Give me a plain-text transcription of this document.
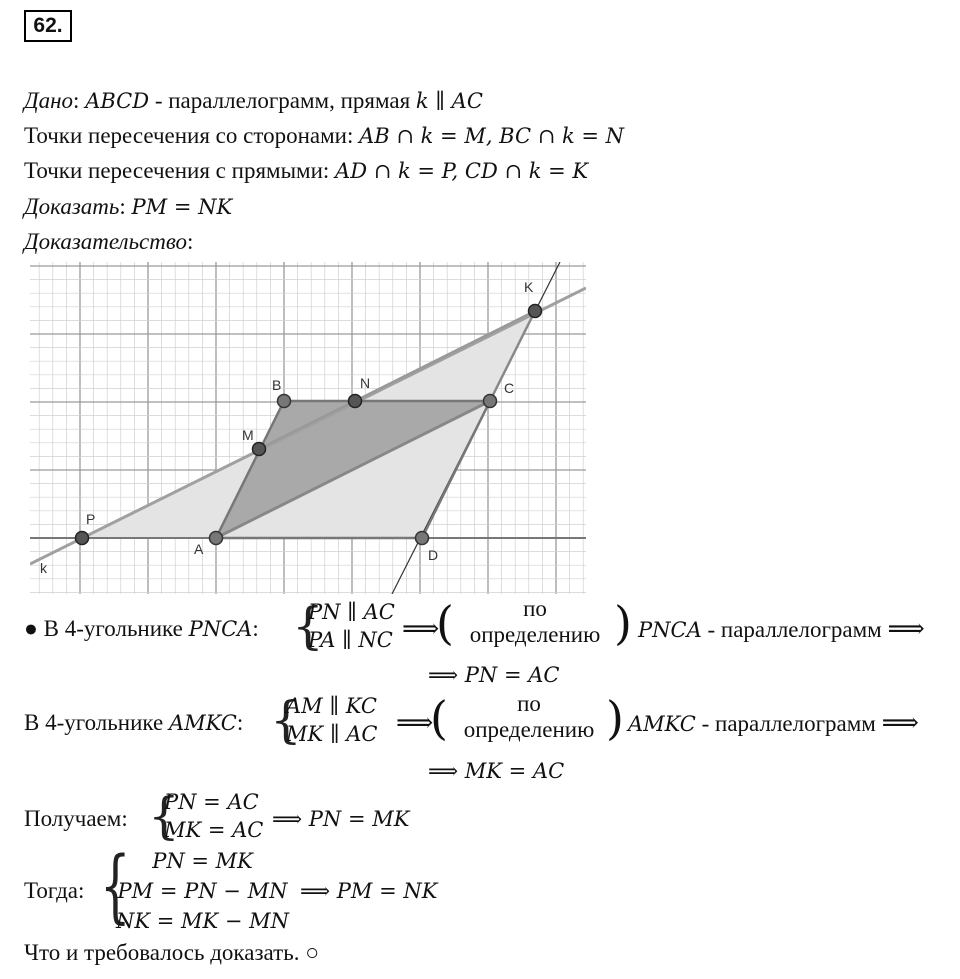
62.
Дано: ABCD - параллелограмм, прямая k ∥ AC
Точки пересечения со сторонами: AB ∩ k = M, BC ∩ k = N
Точки пересечения с прямыми: AD ∩ k = P, CD ∩ k = K
Доказать: PM = NK
Доказательство:
P
A	D
M
B	N	C
K
k
● В 4-угольнике PNCA: {
PN ∥ AC
PA ∥ NC ⟹
(	по
определению ) PNCA - параллелограмм ⟹
⟹ PN = AC
В 4-угольнике AMKC: {
AM ∥ KC
MK ∥ AC ⟹
(	по
определению ) AMKC - параллелограмм ⟹
⟹ MK = AC
Получаем: {
PN = AC
MK = AC ⟹ PN = MK
Тогда: { PN = MK
PM = PN − MN
NK = MK − MN
⟹ PM = NK
Что и требовалось доказать. ○
